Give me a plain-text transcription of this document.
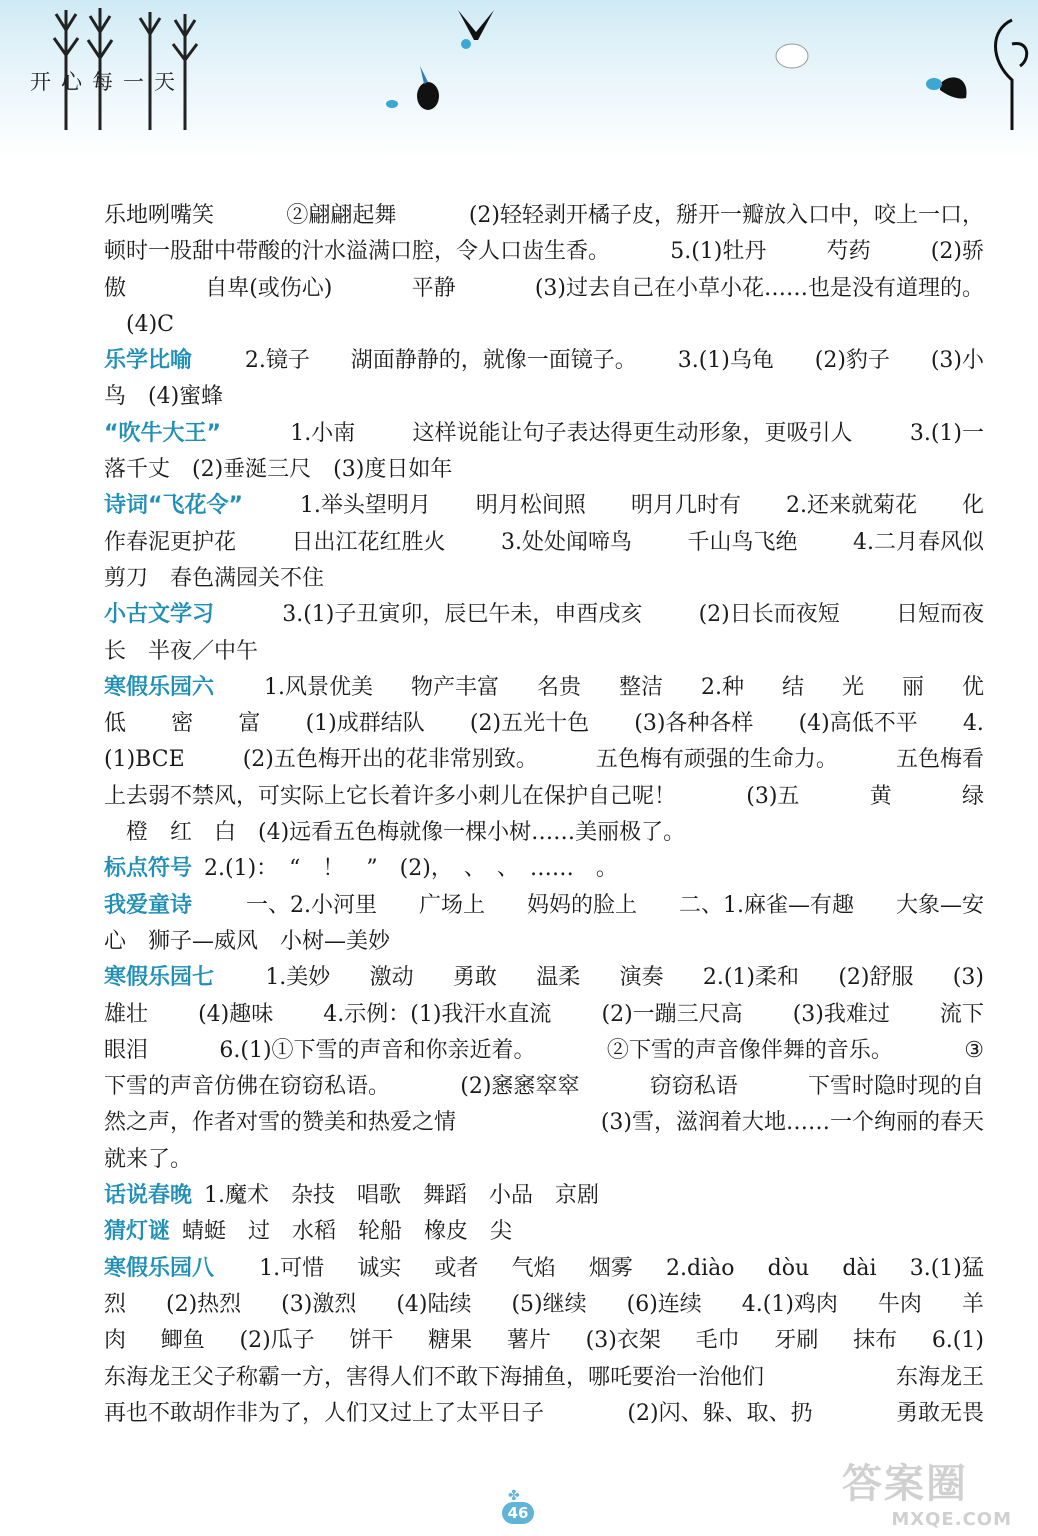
开心每一天
乐地咧嘴笑	②翩翩起舞	(2)轻轻剥开橘子皮，掰开一瓣放入口中，咬上一口，
顿时一股甜中带酸的汁水溢满口腔，令人口齿生香。	5.(1)牡丹	芍药	(2)骄
傲	自卑(或伤心)	平静	(3)过去自己在小草小花……也是没有道理的。
　(4)C
乐学比喻 2.镜子 湖面静静的，就像一面镜子。 3.(1)乌龟 (2)豹子 (3)小
鸟　(4)蜜蜂
“吹牛大王”	1.小南	这样说能让句子表达得更生动形象，更吸引人	3.(1)一
落千丈　(2)垂涎三尺　(3)度日如年
诗词“飞花令”	1.举头望明月 明月松间照 明月几时有 2.还来就菊花 化
作春泥更护花	日出江花红胜火	3.处处闻啼鸟	千山鸟飞绝	4.二月春风似
剪刀　春色满园关不住
小古文学习	3.(1)子丑寅卯，辰巳午未，申酉戌亥	(2)日长而夜短	日短而夜
长　半夜／中午
寒假乐园六 1.风景优美 物产丰富 名贵 整洁 2.种 结 光 丽 优
低 密 富 (1)成群结队 (2)五光十色 (3)各种各样 (4)高低不平 4.
(1)BCE	(2)五色梅开出的花非常别致。	五色梅有顽强的生命力。	五色梅看
上去弱不禁风，可实际上它长着许多小刺儿在保护自己呢！	(3)五	黄	绿
　橙　红　白　(4)远看五色梅就像一棵小树……美丽极了。
标点符号 2.(1)：　“　！　”　(2)，　、　、　……　。
我爱童诗 一、2.小河里 广场上 妈妈的脸上 二、1.麻雀—有趣 大象—安
心　狮子—威风　小树—美妙
寒假乐园七 1.美妙 激动 勇敢 温柔 演奏 2.(1)柔和 (2)舒服 (3)
雄壮 (4)趣味 4.示例：(1)我汗水直流 (2)一蹦三尺高 (3)我难过 流下
眼泪	6.(1)①下雪的声音和你亲近着。	②下雪的声音像伴舞的音乐。	③
下雪的声音仿佛在窃窃私语。	(2)窸窸窣窣	窃窃私语	下雪时隐时现的自
然之声，作者对雪的赞美和热爱之情	(3)雪，滋润着大地……一个绚丽的春天
就来了。
话说春晚 1.魔术　杂技　唱歌　舞蹈　小品　京剧
猜灯谜 蜻蜓　过　水稻　轮船　橡皮　尖
寒假乐园八 1.可惜 诚实 或者 气焰 烟雾 2.diào dòu dài 3.(1)猛
烈 (2)热烈 (3)激烈 (4)陆续 (5)继续 (6)连续 4.(1)鸡肉 牛肉 羊
肉 鲫鱼 (2)瓜子 饼干 糖果 薯片 (3)衣架 毛巾 牙刷 抹布 6.(1)
东海龙王父子称霸一方，害得人们不敢下海捕鱼，哪吒要治一治他们	东海龙王
再也不敢胡作非为了，人们又过上了太平日子	(2)闪、躲、取、扔	勇敢无畏
✤
46
答案圈
MXQE.COM
